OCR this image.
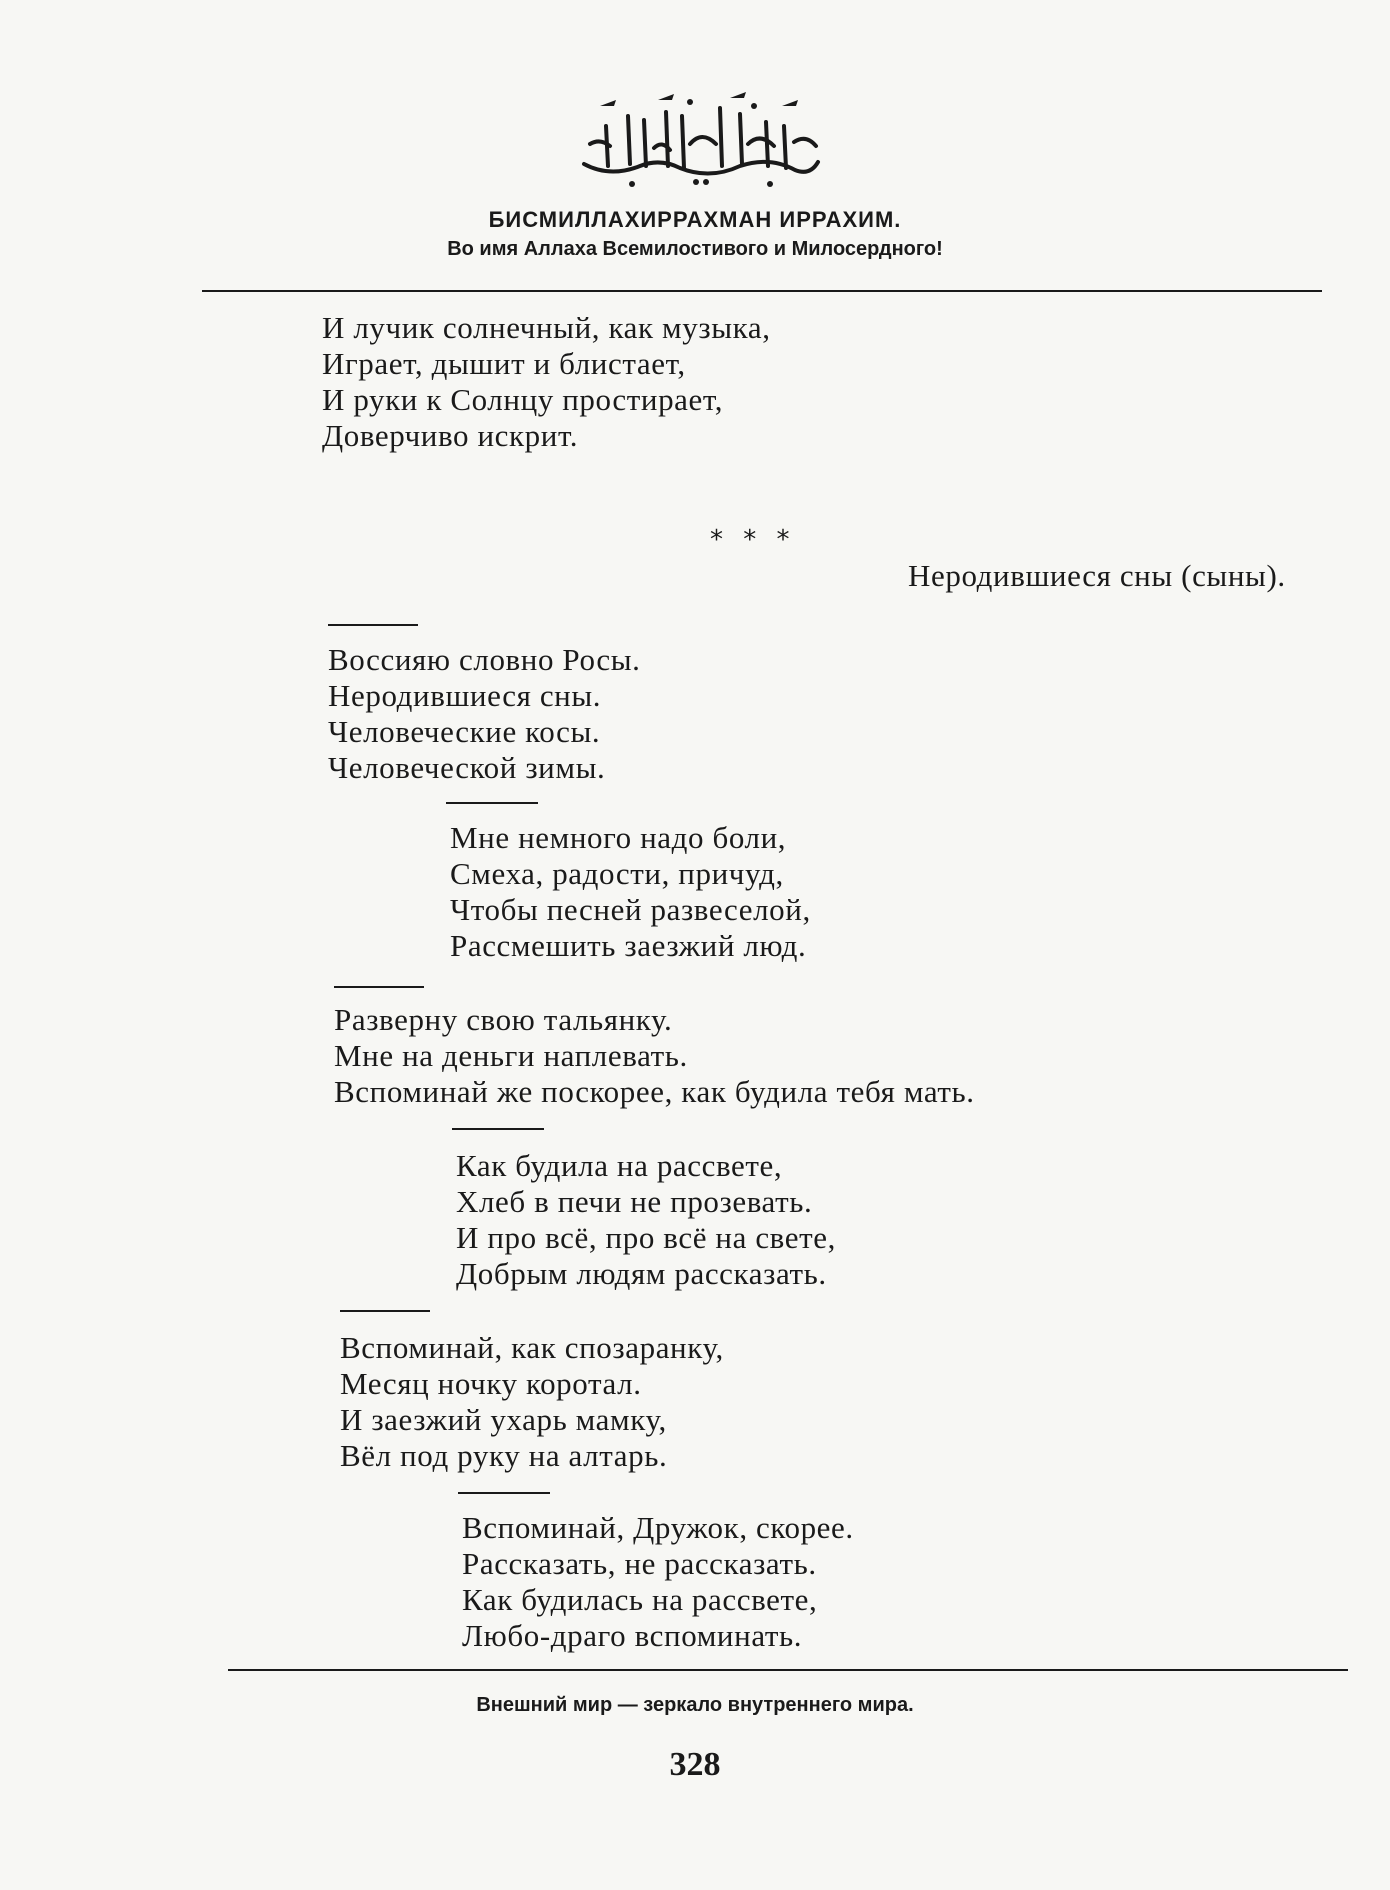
БИСМИЛЛАХИРРАХМАН ИРРАХИМ.
Во имя Аллаха Всемилостивого и Милосердного!
И лучик солнечный, как музыка,
Играет, дышит и блистает,
И руки к Солнцу простирает,
Доверчиво искрит.
* * *
Неродившиеся сны (сыны).
Воссияю словно Росы.
Неродившиеся сны.
Человеческие косы.
Человеческой зимы.
Мне немного надо боли,
Смеха, радости, причуд,
Чтобы песней развеселой,
Рассмешить заезжий люд.
Разверну свою тальянку.
Мне на деньги наплевать.
Вспоминай же поскорее, как будила тебя мать.
Как будила на рассвете,
Хлеб в печи не прозевать.
И про всё, про всё на свете,
Добрым людям рассказать.
Вспоминай, как спозаранку,
Месяц ночку коротал.
И заезжий ухарь мамку,
Вёл под руку на алтарь.
Вспоминай, Дружок, скорее.
Рассказать, не рассказать.
Как будилась на рассвете,
Любо-драго вспоминать.
Внешний мир — зеркало внутреннего мира.
328
